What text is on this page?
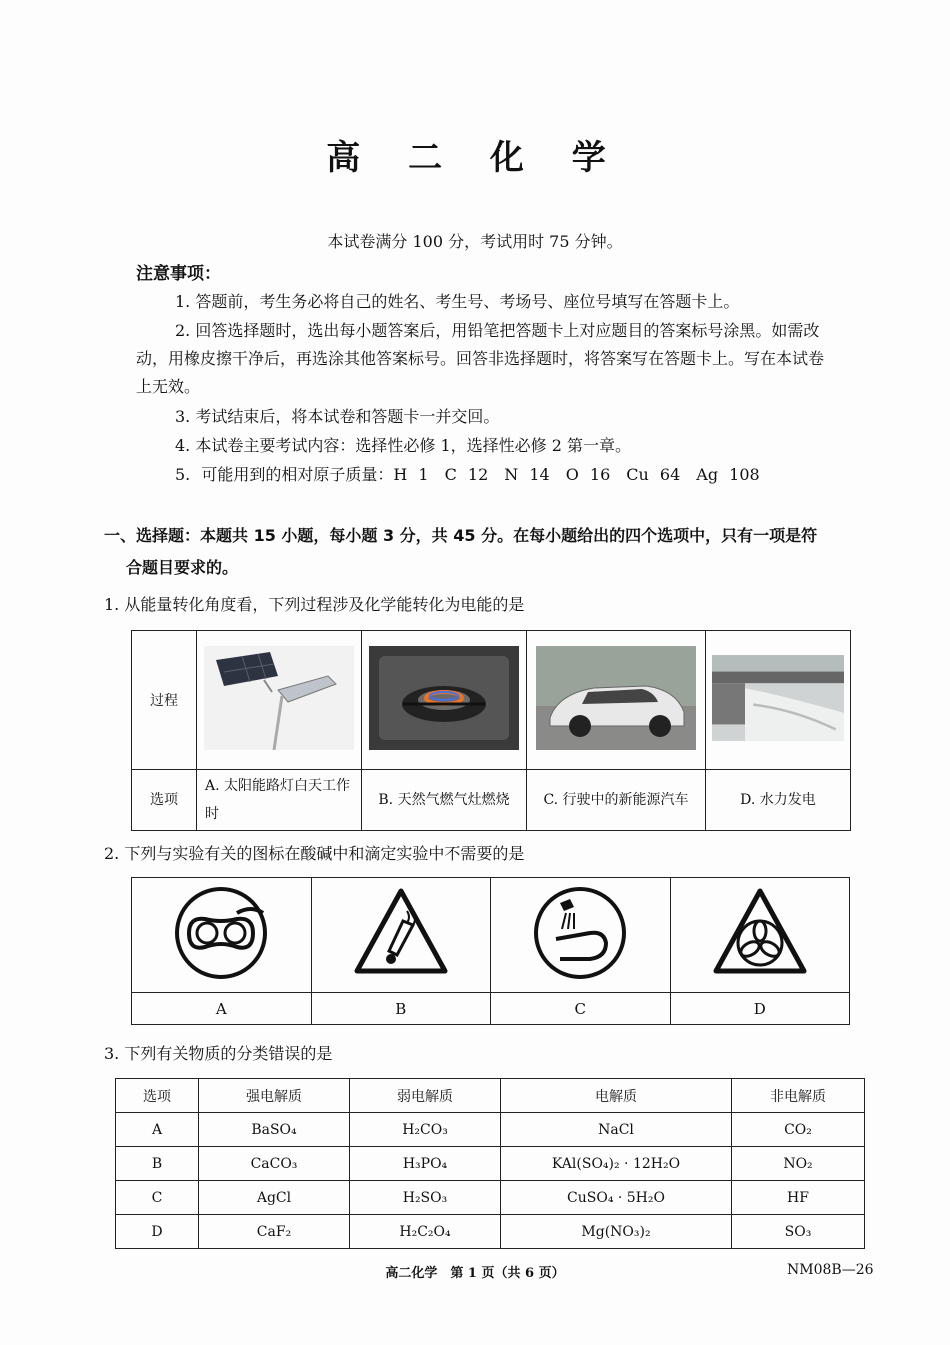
高 二 化 学
本试卷满分 100 分，考试用时 75 分钟。
注意事项：
1. 答题前，考生务必将自己的姓名、考生号、考场号、座位号填写在答题卡上。
2. 回答选择题时，选出每小题答案后，用铅笔把答题卡上对应题目的答案标号涂黑。如需改动，用橡皮擦干净后，再选涂其他答案标号。回答非选择题时，将答案写在答题卡上。写在本试卷上无效。
3. 考试结束后，将本试卷和答题卡一并交回。
4. 本试卷主要考试内容：选择性必修 1，选择性必修 2 第一章。
5. 可能用到的相对原子质量：H 1　C 12　N 14　O 16　Cu 64　Ag 108
一、选择题：本题共 15 小题，每小题 3 分，共 45 分。在每小题给出的四个选项中，只有一项是符
合题目要求的。
1. 从能量转化角度看，下列过程涉及化学能转化为电能的是
过程				
选项	A. 太阳能路灯白天工作时	B. 天然气燃气灶燃烧	C. 行驶中的新能源汽车	D. 水力发电
2. 下列与实验有关的图标在酸碱中和滴定实验中不需要的是

A	B	C	D
3. 下列有关物质的分类错误的是
选项	强电解质	弱电解质	电解质	非电解质
A	BaSO₄	H₂CO₃	NaCl	CO₂
B	CaCO₃	H₃PO₄	KAl(SO₄)₂ · 12H₂O	NO₂
C	AgCl	H₂SO₃	CuSO₄ · 5H₂O	HF
D	CaF₂	H₂C₂O₄	Mg(NO₃)₂	SO₃
高二化学　第 1 页（共 6 页）	NM08B—26
